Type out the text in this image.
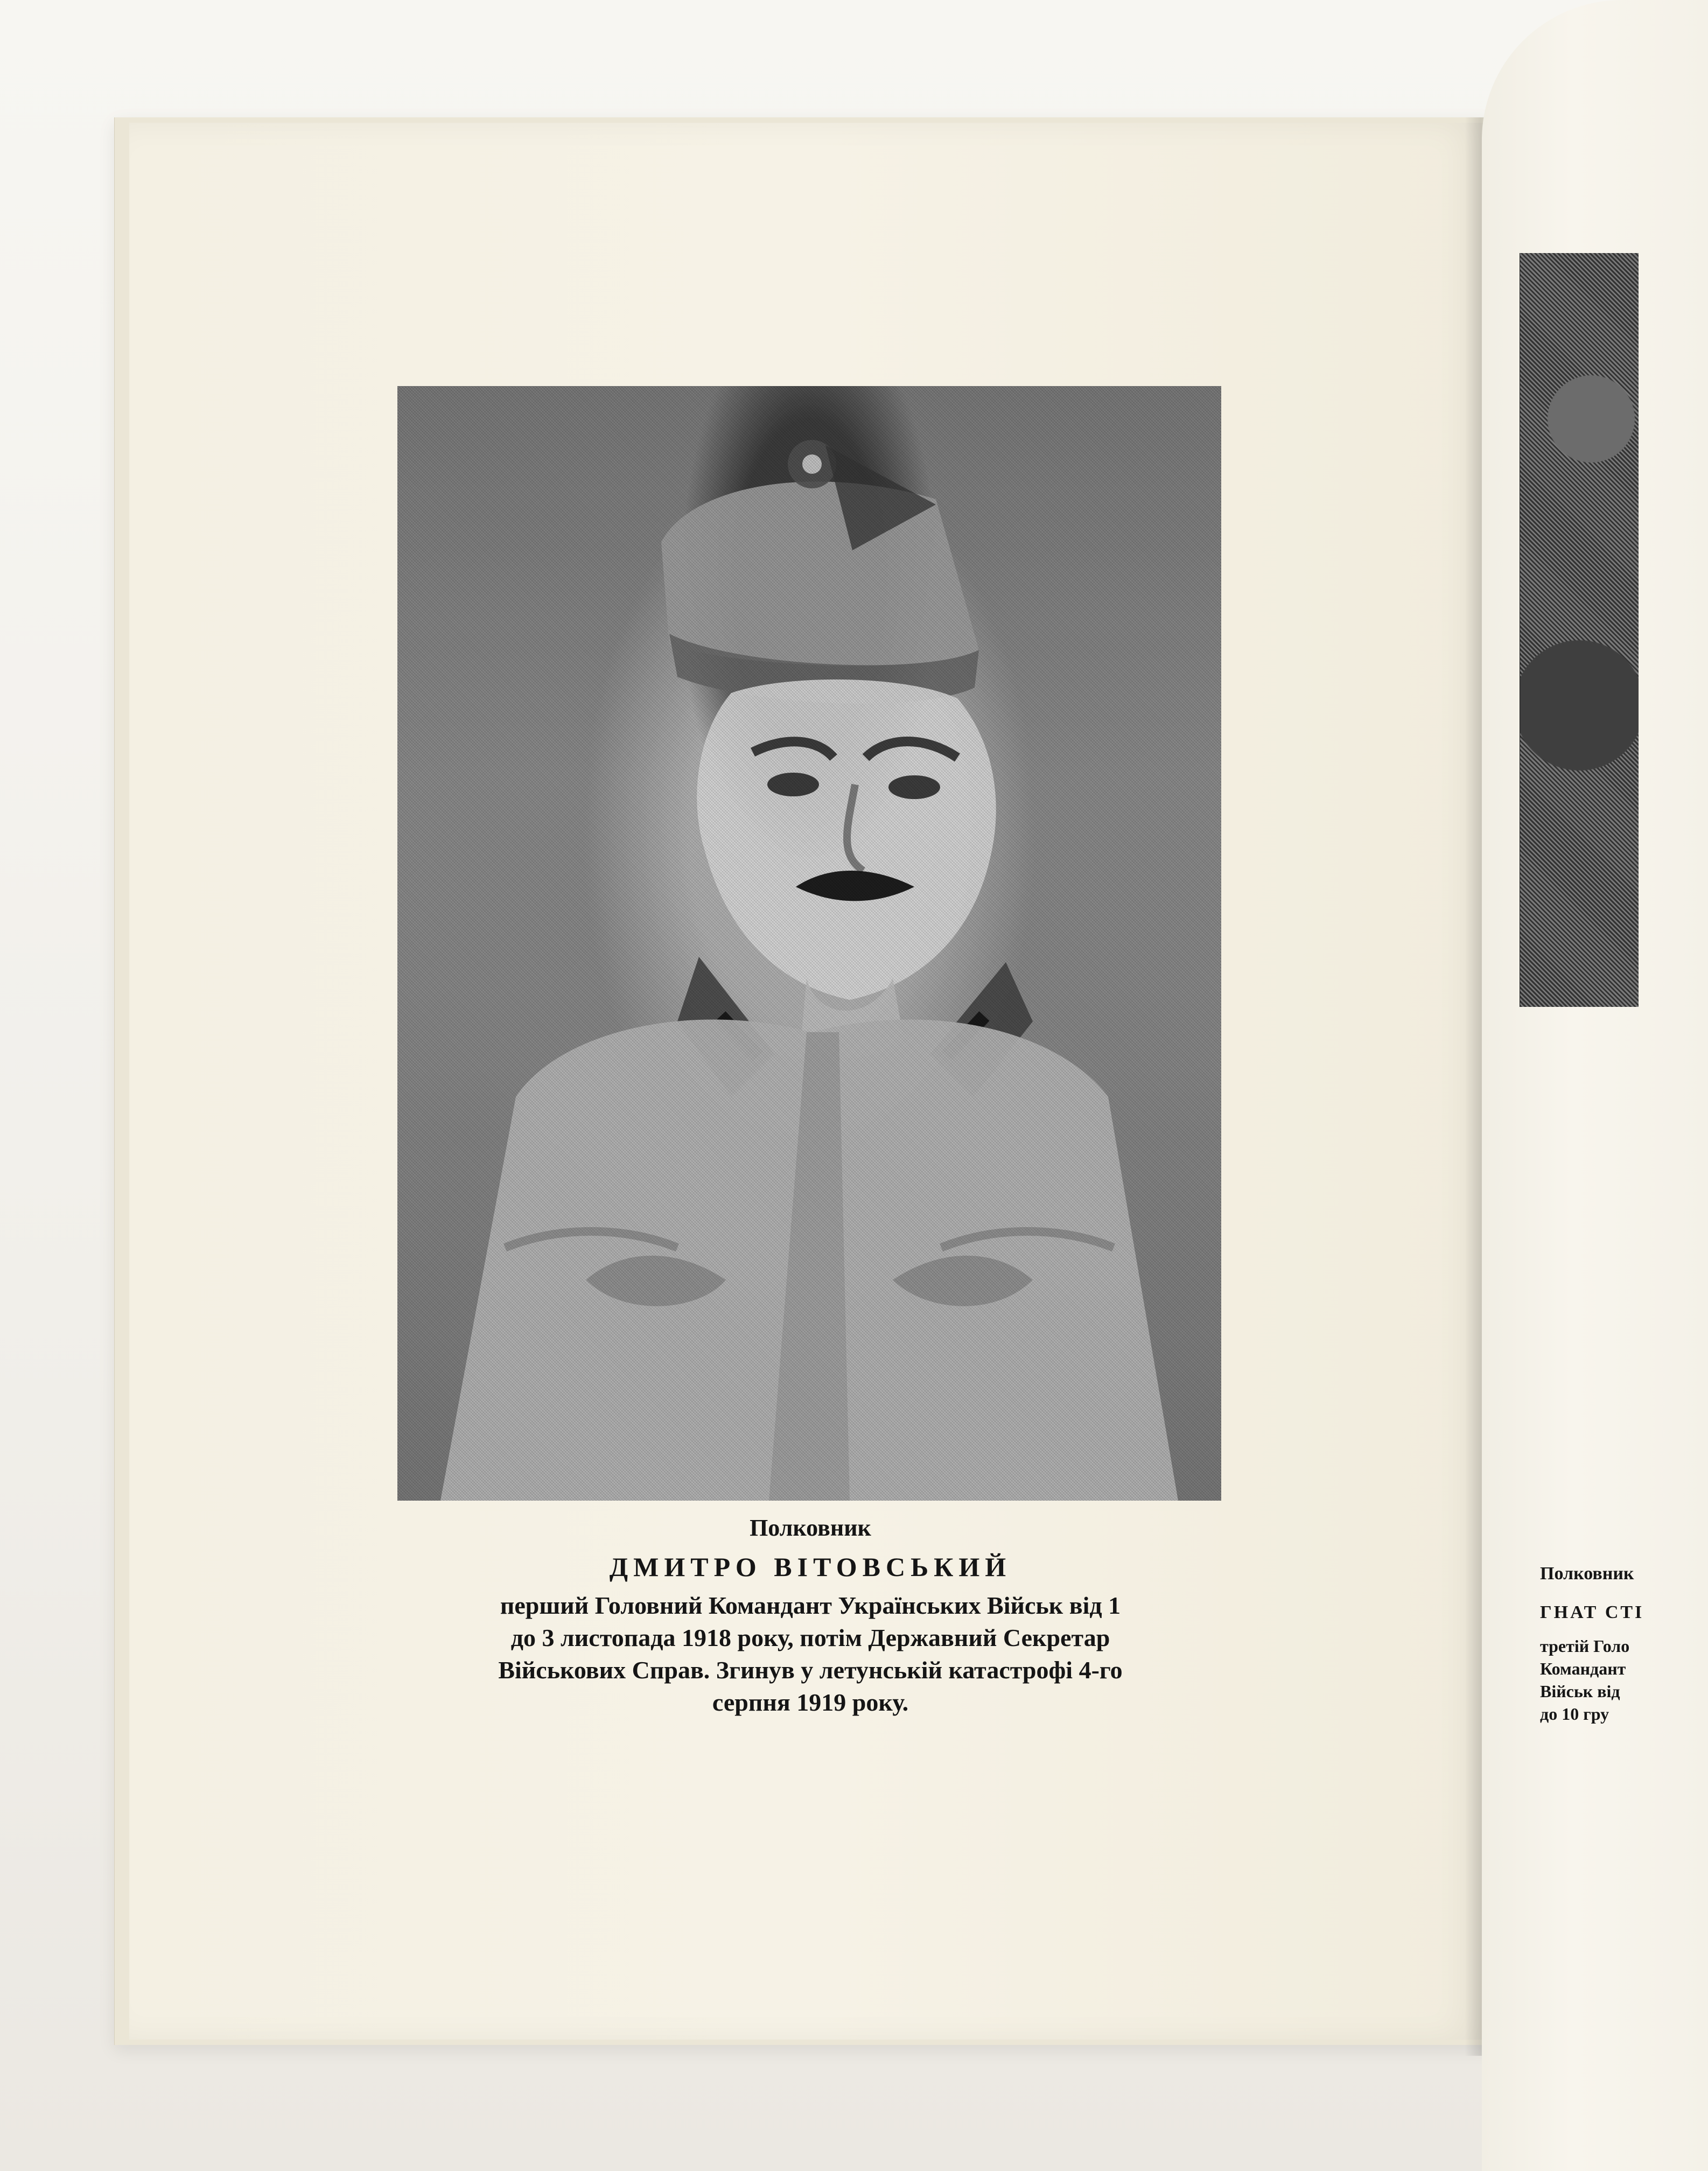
Полковник
ДМИТРО ВІТОВСЬКИЙ
перший Головний Командант Українських Військ від 1
до 3 листопада 1918 року, потім Державний Секретар
Військових Справ. Згинув у летунській катастрофі 4-го
серпня 1919 року.
Полковник
ГНАТ СТІ
третій Голо
Командант
Військ від
до 10 гру
